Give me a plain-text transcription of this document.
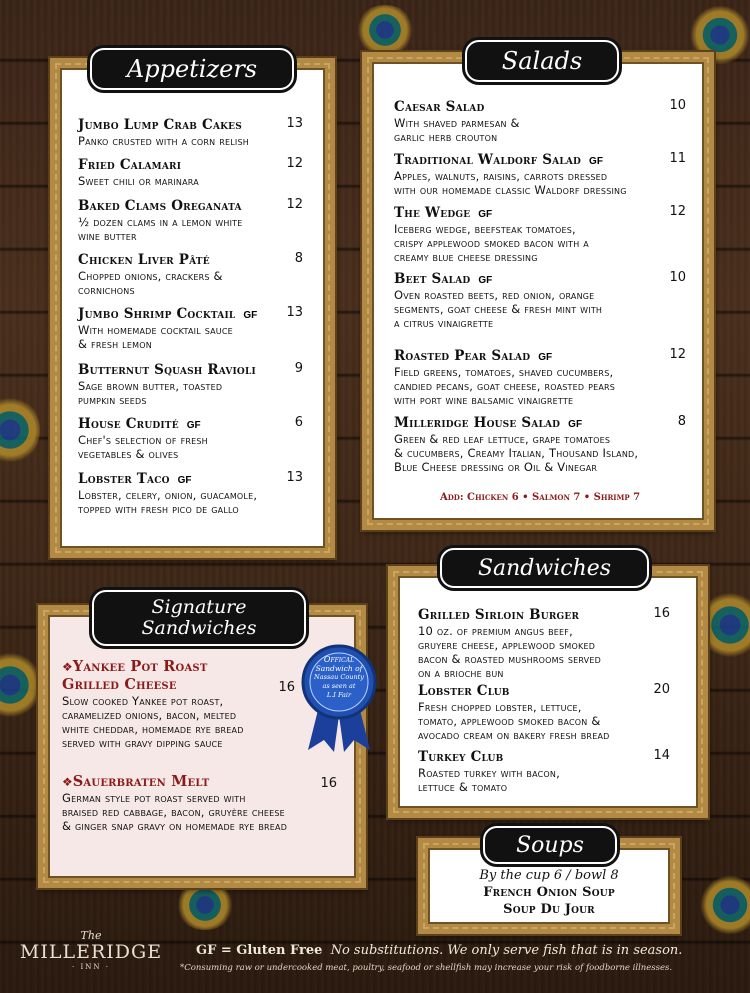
Appetizers
Jumbo Lump Crab Cakes	13
Panko crusted with a corn relish
Fried Calamari	12
Sweet chili or marinara
Baked Clams Oreganata	12
½ dozen clams in a lemon white
wine butter
Chicken Liver Pâté	8
Chopped onions, crackers &
cornichons
Jumbo Shrimp Cocktail GF 13
With homemade cocktail sauce
& fresh lemon
Butternut Squash Ravioli	9
Sage brown butter, toasted
pumpkin seeds
House Crudité GF	6
Chef's selection of fresh
vegetables & olives
Lobster Taco GF	13
Lobster, celery, onion, guacamole,
topped with fresh pico de gallo
Salads
Caesar Salad	10
With shaved parmesan &
garlic herb crouton
Traditional Waldorf Salad GF	11
Apples, walnuts, raisins, carrots dressed
with our homemade classic Waldorf dressing
The Wedge GF	12
Iceberg wedge, beefsteak tomatoes,
crispy applewood smoked bacon with a
creamy blue cheese dressing
Beet Salad GF	10
Oven roasted beets, red onion, orange
segments, goat cheese & fresh mint with
a citrus vinaigrette
Roasted Pear Salad GF	12
Field greens, tomatoes, shaved cucumbers,
candied pecans, goat cheese, roasted pears
with port wine balsamic vinaigrette
Milleridge House Salad GF	8
Green & red leaf lettuce, grape tomatoes
& cucumbers, Creamy Italian, Thousand Island,
Blue Cheese dressing or Oil & Vinegar
Add: Chicken 6 • Salmon 7 • Shrimp 7
Signature
Sandwiches
❖Yankee Pot Roast
Grilled Cheese	16
Slow cooked Yankee pot roast,
caramelized onions, bacon, melted
white cheddar, homemade rye bread
served with gravy dipping sauce
❖Sauerbraten Melt	16
German style pot roast served with
braised red cabbage, bacon, gruyère cheese
& ginger snap gravy on homemade rye bread
Offical
Sandwich of
Nassau County
as seen at
L.I Fair
Sandwiches
Grilled Sirloin Burger	16
10 oz. of premium angus beef,
gruyere cheese, applewood smoked
bacon & roasted mushrooms served
on a brioche bun
Lobster Club	20
Fresh chopped lobster, lettuce,
tomato, applewood smoked bacon &
avocado cream on bakery fresh bread
Turkey Club	14
Roasted turkey with bacon,
lettuce & tomato
Soups
By the cup 6 / bowl 8
French Onion Soup
Soup Du Jour
The
MILLERIDGE
· INN ·
GF = Gluten Free No substitutions. We only serve fish that is in season.
*Consuming raw or undercooked meat, poultry, seafood or shellfish may increase your risk of foodborne illnesses.
